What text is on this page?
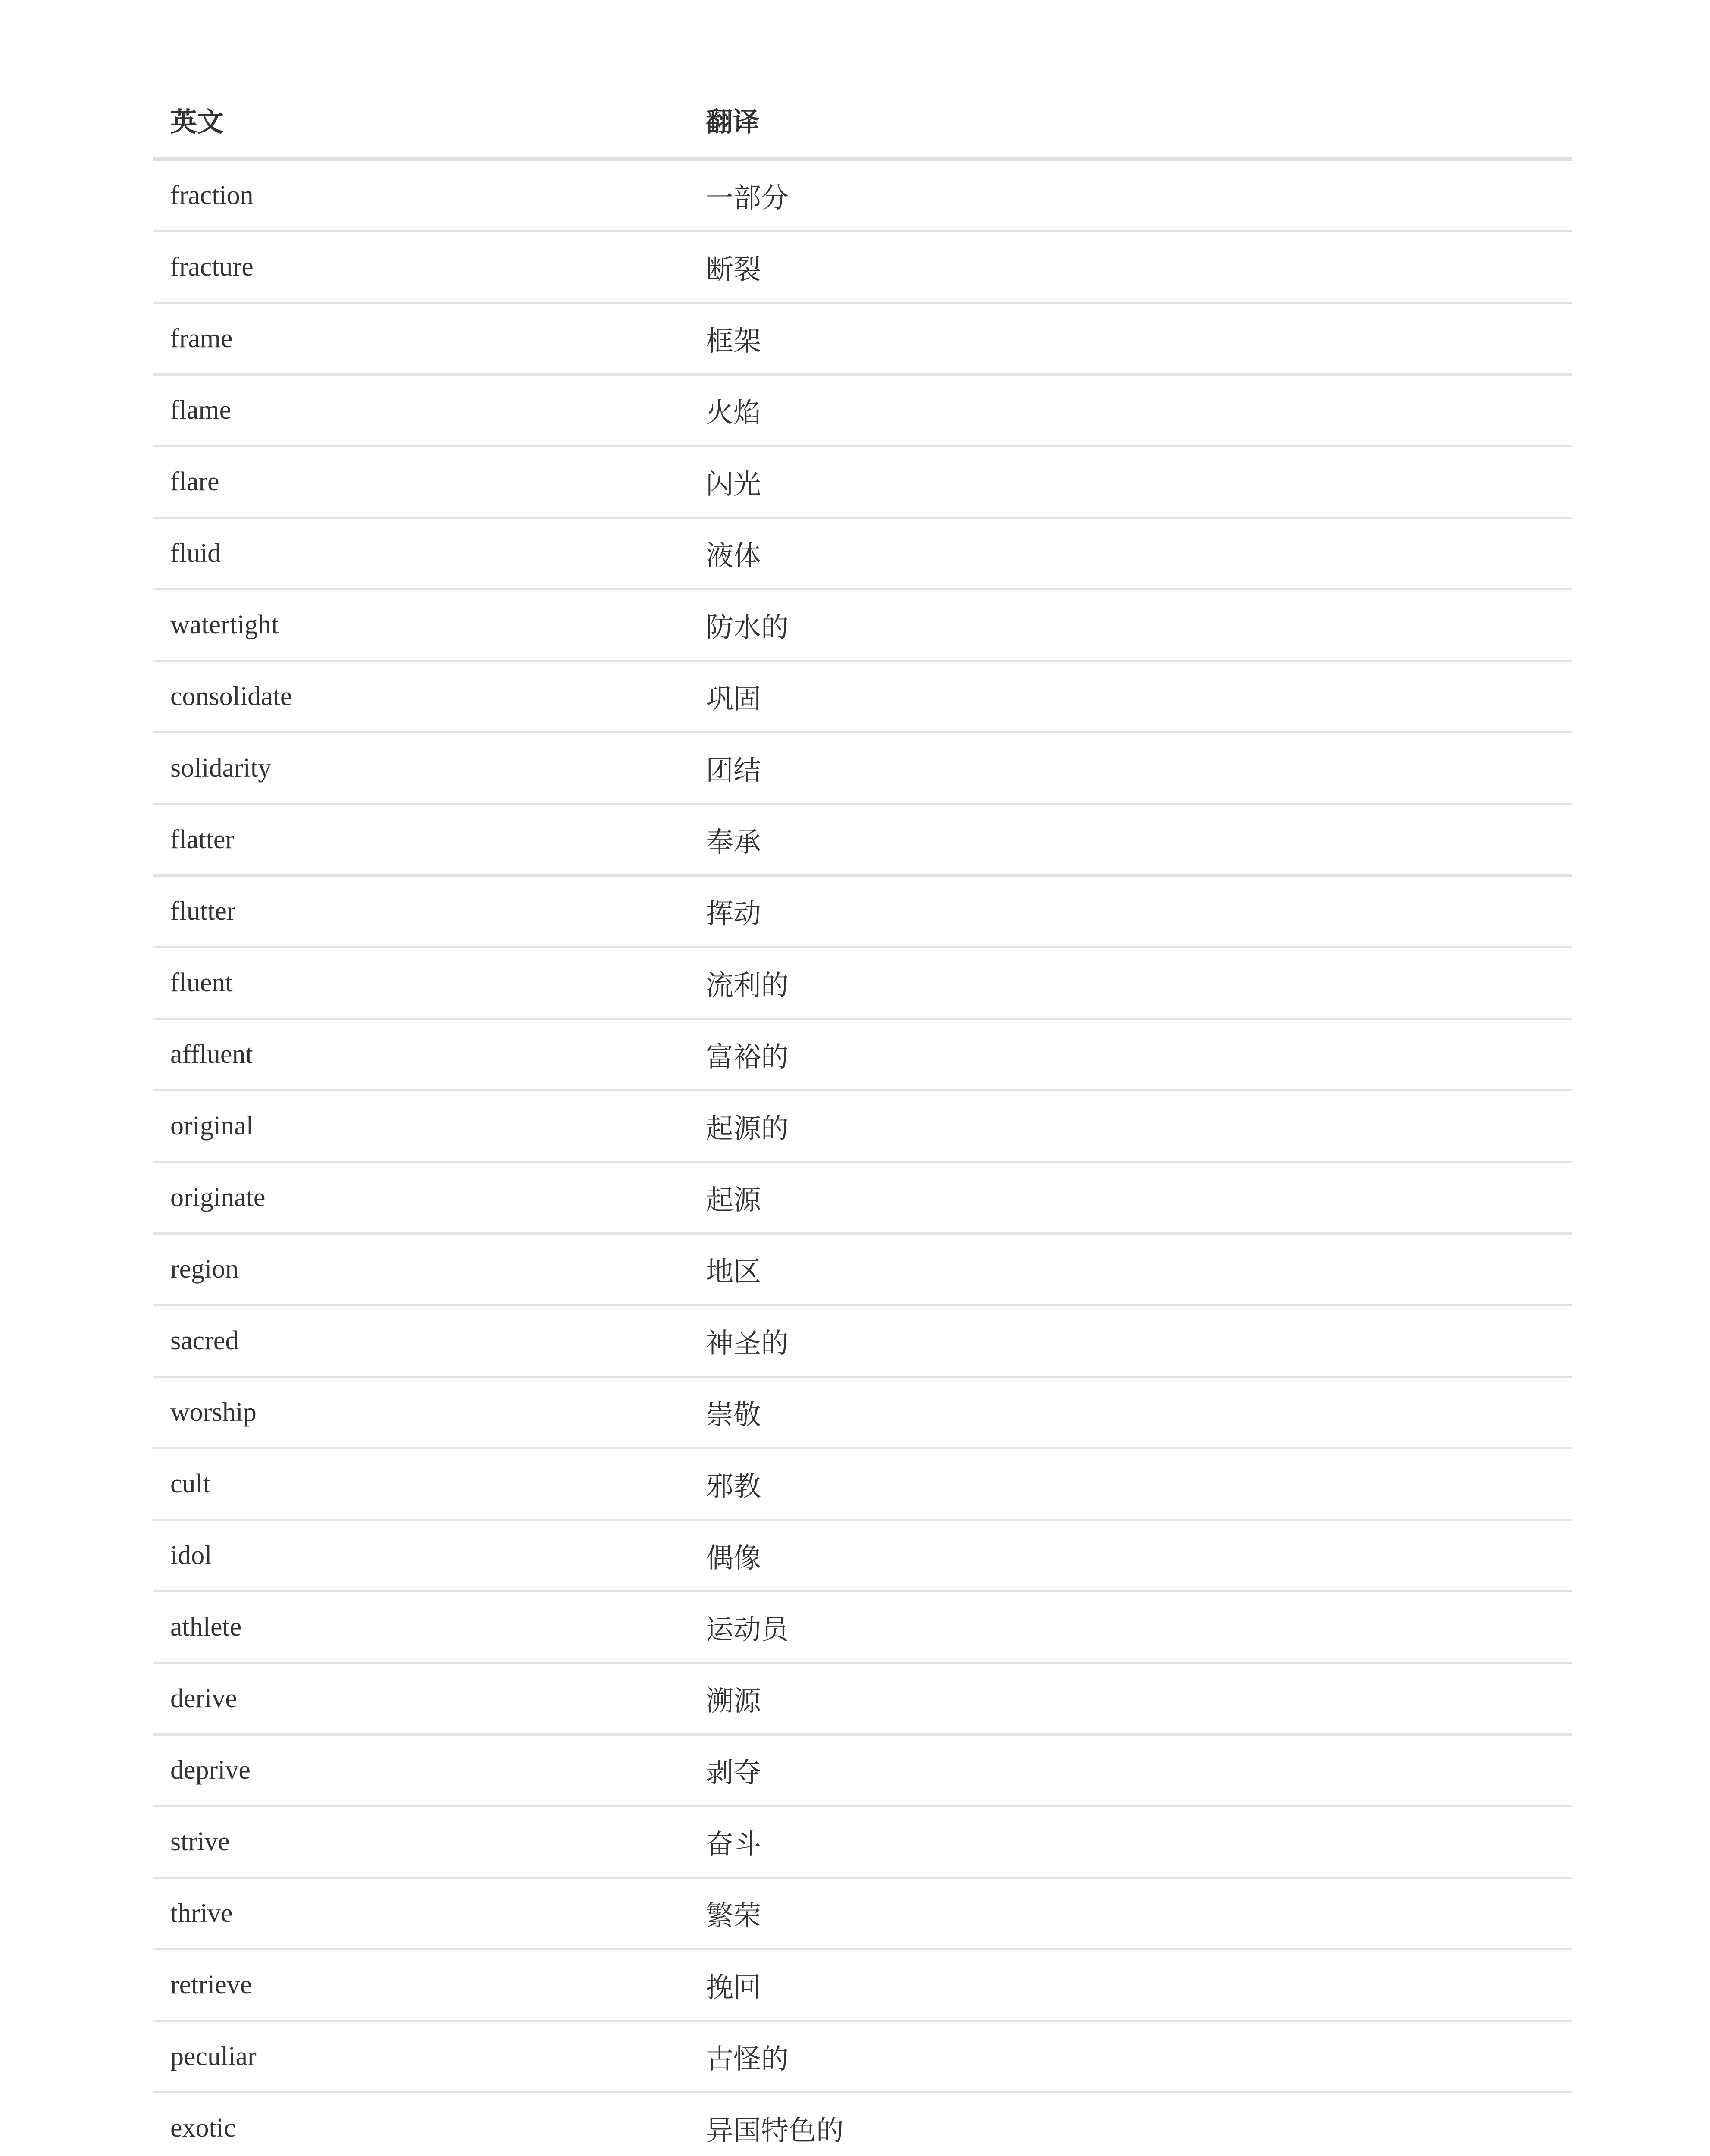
英文	翻译
fraction	一部分
fracture	断裂
frame	框架
flame	火焰
flare	闪光
fluid	液体
watertight	防水的
consolidate	巩固
solidarity	团结
flatter	奉承
flutter	挥动
fluent	流利的
affluent	富裕的
original	起源的
originate	起源
region	地区
sacred	神圣的
worship	崇敬
cult	邪教
idol	偶像
athlete	运动员
derive	溯源
deprive	剥夺
strive	奋斗
thrive	繁荣
retrieve	挽回
peculiar	古怪的
exotic	异国特色的
